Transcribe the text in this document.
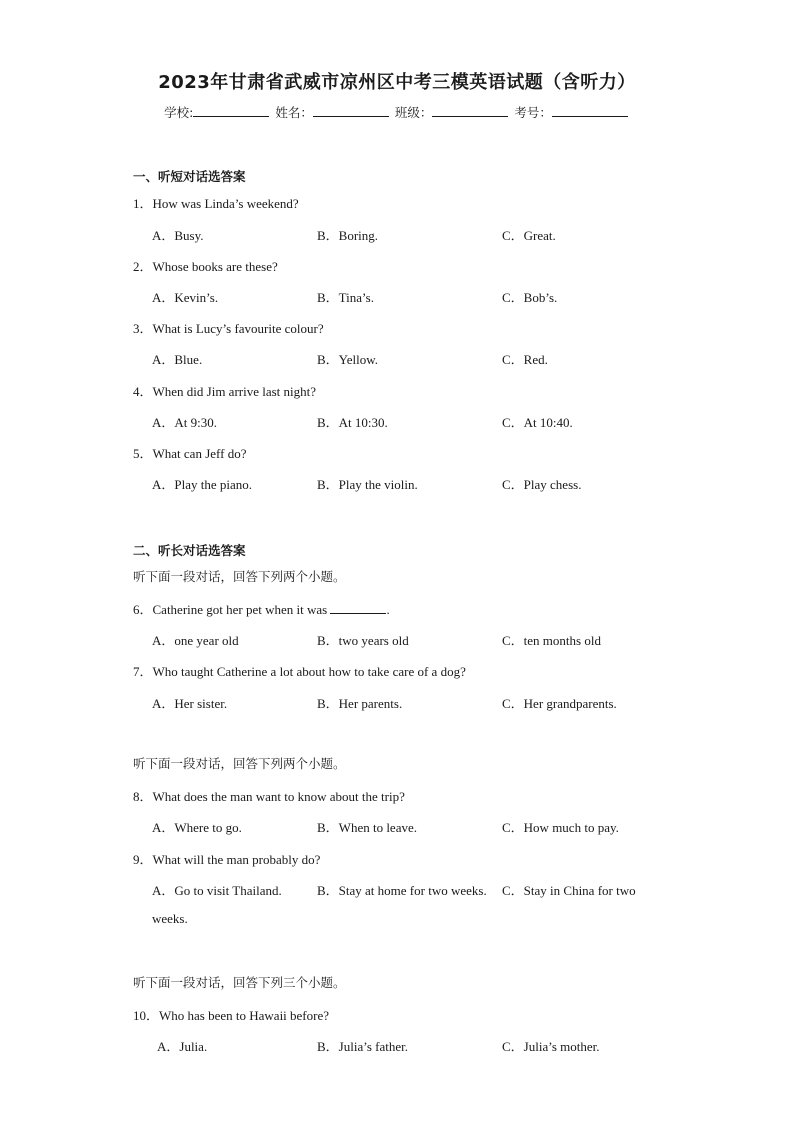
2023年甘肃省武威市凉州区中考三模英语试题（含听力）
学校:	姓名：	班级：	考号：
一、听短对话选答案
1．How was Linda’s weekend?
A．Busy.	B．Boring.	C．Great.
2．Whose books are these?
A．Kevin’s.	B．Tina’s.	C．Bob’s.
3．What is Lucy’s favourite colour?
A．Blue.	B．Yellow.	C．Red.
4．When did Jim arrive last night?
A．At 9:30.	B．At 10:30.	C．At 10:40.
5．What can Jeff do?
A．Play the piano.	B．Play the violin.	C．Play chess.
二、听长对话选答案
听下面一段对话，回答下列两个小题。
6．Catherine got her pet when it was	.
A．one year old	B．two years old	C．ten months old
7．Who taught Catherine a lot about how to take care of a dog?
A．Her sister.	B．Her parents.	C．Her grandparents.
听下面一段对话，回答下列两个小题。
8．What does the man want to know about the trip?
A．Where to go.	B．When to leave.	C．How much to pay.
9．What will the man probably do?
A．Go to visit Thailand.	B．Stay at home for two weeks. C．Stay in China for two
weeks.
听下面一段对话，回答下列三个小题。
10．Who has been to Hawaii before?
A．Julia.	B．Julia’s father.	C．Julia’s mother.
